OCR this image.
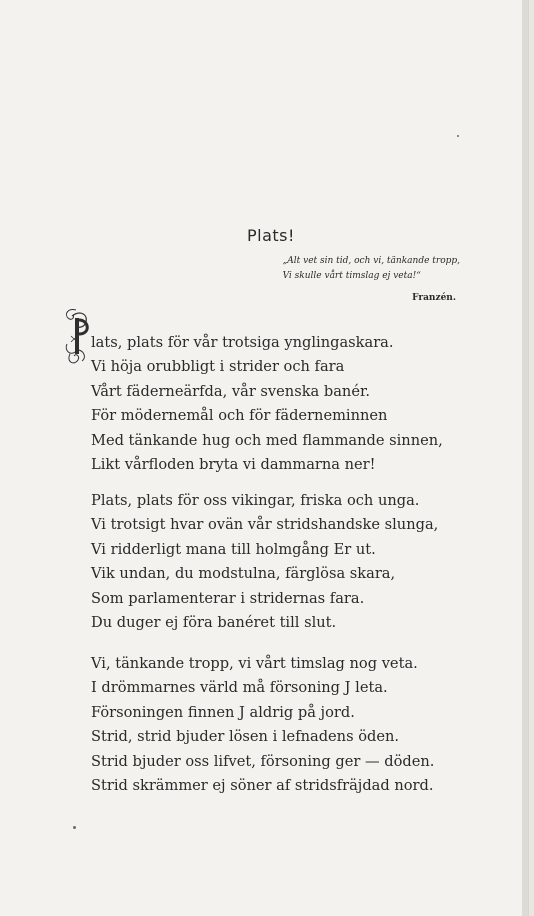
Plats!
„Alt vet sin tid, och vi, tänkande tropp,
Vi skulle vårt timslag ej veta!“
Franzén.
lats, plats för vår trotsiga ynglingaskara.
Vi höja orubbligt i strider och fara
Vårt fäderneärfda, vår svenska banér.
För mödernemål och för fäderneminnen
Med tänkande hug och med flammande sinnen,
Likt vårfloden bryta vi dammarna ner!
Plats, plats för oss vikingar, friska och unga.
Vi trotsigt hvar ovän vår stridshandske slunga,
Vi ridderligt mana till holmgång Er ut.
Vik undan, du modstulna, färglösa skara,
Som parlamenterar i stridernas fara.
Du duger ej föra banéret till slut.
Vi, tänkande tropp, vi vårt timslag nog veta.
I drömmarnes värld må försoning J leta.
Försoningen finnen J aldrig på jord.
Strid, strid bjuder lösen i lefnadens öden.
Strid bjuder oss lifvet, försoning ger — döden.
Strid skrämmer ej söner af stridsfräjdad nord.
